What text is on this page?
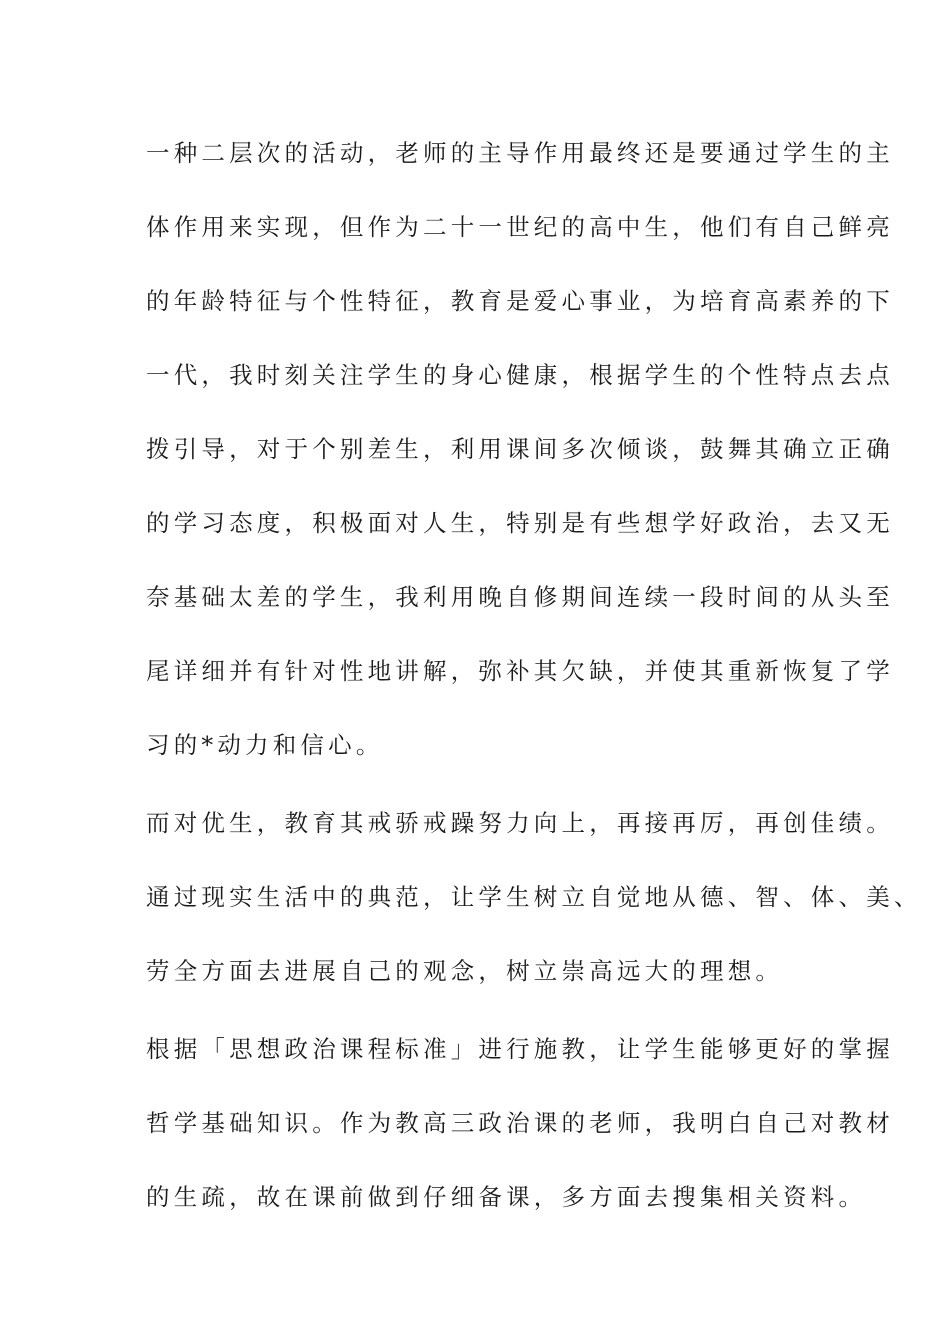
一种二层次的活动，老师的主导作用最终还是要通过学生的主

体作用来实现，但作为二十一世纪的高中生，他们有自己鲜亮

的年龄特征与个性特征，教育是爱心事业，为培育高素养的下

一代，我时刻关注学生的身心健康，根据学生的个性特点去点

拨引导，对于个别差生，利用课间多次倾谈，鼓舞其确立正确

的学习态度，积极面对人生，特别是有些想学好政治，去又无

奈基础太差的学生，我利用晚自修期间连续一段时间的从头至

尾详细并有针对性地讲解，弥补其欠缺，并使其重新恢复了学

习的*动力和信心。

而对优生，教育其戒骄戒躁努力向上，再接再厉，再创佳绩。

通过现实生活中的典范，让学生树立自觉地从德、智、体、美、

劳全方面去进展自己的观念，树立崇高远大的理想。

根据「思想政治课程标准」进行施教，让学生能够更好的掌握

哲学基础知识。作为教高三政治课的老师，我明白自己对教材

的生疏，故在课前做到仔细备课，多方面去搜集相关资料。
